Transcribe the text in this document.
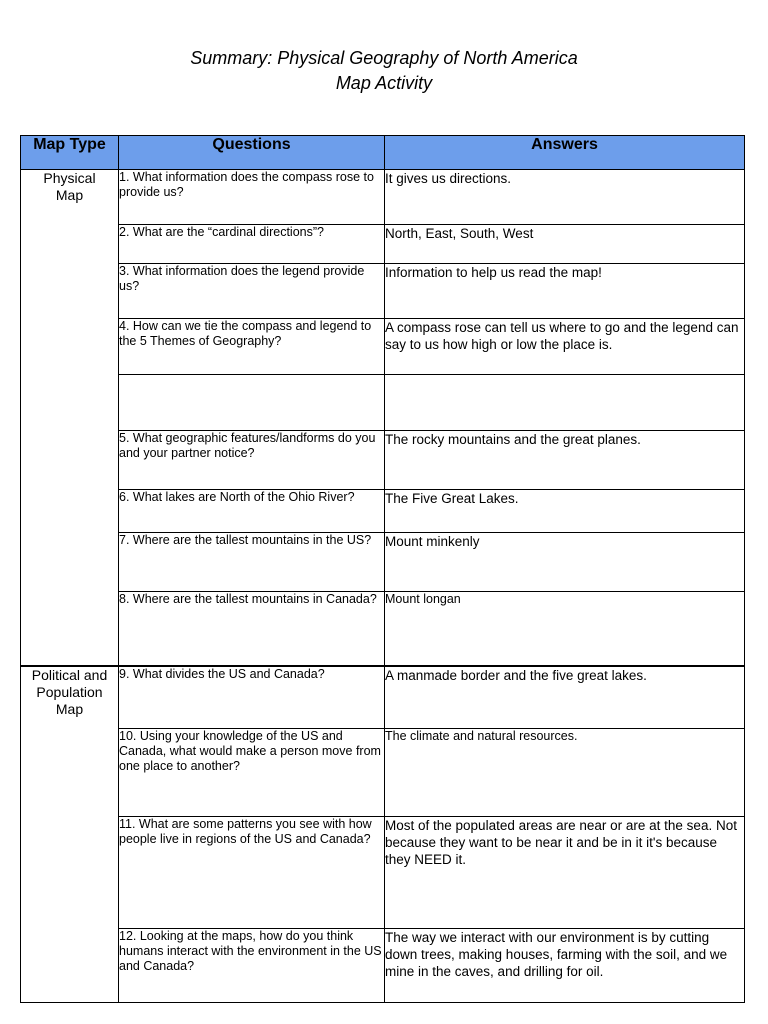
Summary: Physical Geography of North America
Map Activity
Map Type	Questions	Answers
Physical Map	1. What information does the compass rose to provide us?	It gives us directions.
	2. What are the “cardinal directions”?	North, East, South, West
	3. What information does the legend provide us?	Information to help us read the map!
	4. How can we tie the compass and legend to the 5 Themes of Geography?	A compass rose can tell us where to go and the legend can say to us how high or low the place is.

	5. What geographic features/landforms do you and your partner notice?	The rocky mountains and the great planes.
	6. What lakes are North of the Ohio River?	The Five Great Lakes.
	7. Where are the tallest mountains in the US?	Mount minkenly
	8. Where are the tallest mountains in Canada?	Mount longan
Political and Population Map	9. What divides the US and Canada?	A manmade border and the five great lakes.
	10. Using your knowledge of the US and Canada, what would make a person move from one place to another?	The climate and natural resources.
	11. What are some patterns you see with how people live in regions of the US and Canada?	Most of the populated areas are near or are at the sea. Not because they want to be near it and be in it it's because they NEED it.
	12. Looking at the maps, how do you think humans interact with the environment in the US and Canada?	The way we interact with our environment is by cutting down trees, making houses, farming with the soil, and we mine in the caves, and drilling for oil.
